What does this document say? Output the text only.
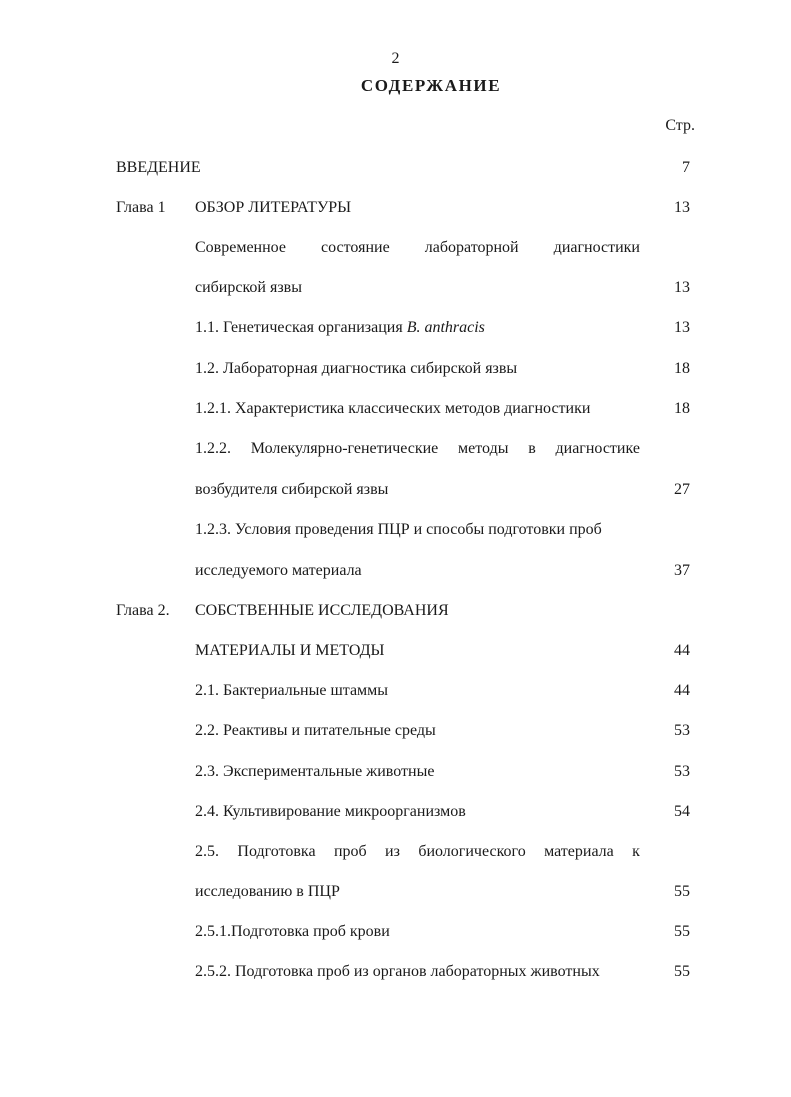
2
СОДЕРЖАНИЕ
Стр.
ВВЕДЕНИЕ	7
Глава 1 ОБЗОР ЛИТЕРАТУРЫ	13
Современное состояние лабораторной диагностики
сибирской язвы	13
1.1. Генетическая организация B. anthracis	13
1.2. Лабораторная диагностика сибирской язвы	18
1.2.1. Характеристика классических методов диагностики	18
1.2.2. Молекулярно-генетические методы в диагностике
возбудителя сибирской язвы	27
1.2.3. Условия проведения ПЦР и способы подготовки проб
исследуемого материала	37
Глава 2. СОБСТВЕННЫЕ ИССЛЕДОВАНИЯ
МАТЕРИАЛЫ И МЕТОДЫ	44
2.1. Бактериальные штаммы	44
2.2. Реактивы и питательные среды	53
2.3. Экспериментальные животные	53
2.4. Культивирование микроорганизмов	54
2.5. Подготовка проб из биологического материала к
исследованию в ПЦР	55
2.5.1.Подготовка проб крови	55
2.5.2. Подготовка проб из органов лабораторных животных	55
